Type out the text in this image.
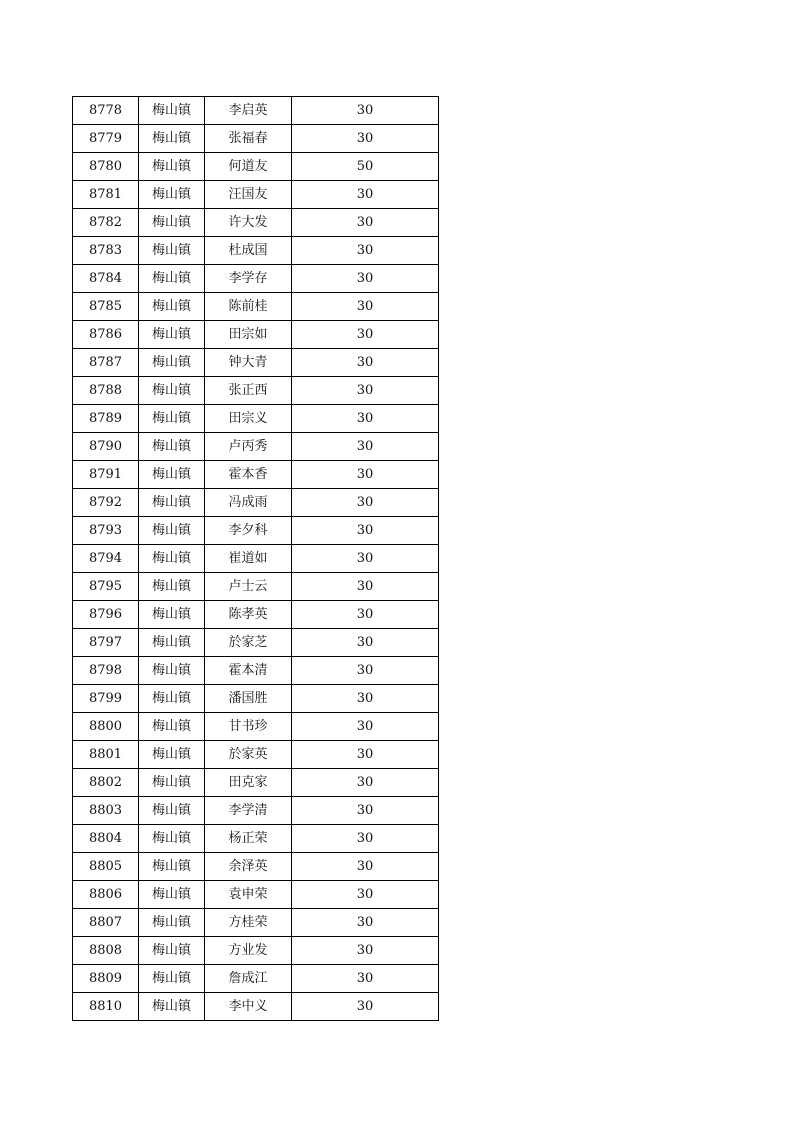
8778	梅山镇	李启英	30
8779	梅山镇	张福春	30
8780	梅山镇	何道友	50
8781	梅山镇	汪国友	30
8782	梅山镇	许大发	30
8783	梅山镇	杜成国	30
8784	梅山镇	李学存	30
8785	梅山镇	陈前桂	30
8786	梅山镇	田宗如	30
8787	梅山镇	钟大青	30
8788	梅山镇	张正西	30
8789	梅山镇	田宗义	30
8790	梅山镇	卢丙秀	30
8791	梅山镇	霍本香	30
8792	梅山镇	冯成雨	30
8793	梅山镇	李夕科	30
8794	梅山镇	崔道如	30
8795	梅山镇	卢士云	30
8796	梅山镇	陈孝英	30
8797	梅山镇	於家芝	30
8798	梅山镇	霍本清	30
8799	梅山镇	潘国胜	30
8800	梅山镇	甘书珍	30
8801	梅山镇	於家英	30
8802	梅山镇	田克家	30
8803	梅山镇	李学清	30
8804	梅山镇	杨正荣	30
8805	梅山镇	余泽英	30
8806	梅山镇	袁申荣	30
8807	梅山镇	方桂荣	30
8808	梅山镇	方业发	30
8809	梅山镇	詹成江	30
8810	梅山镇	李中义	30
